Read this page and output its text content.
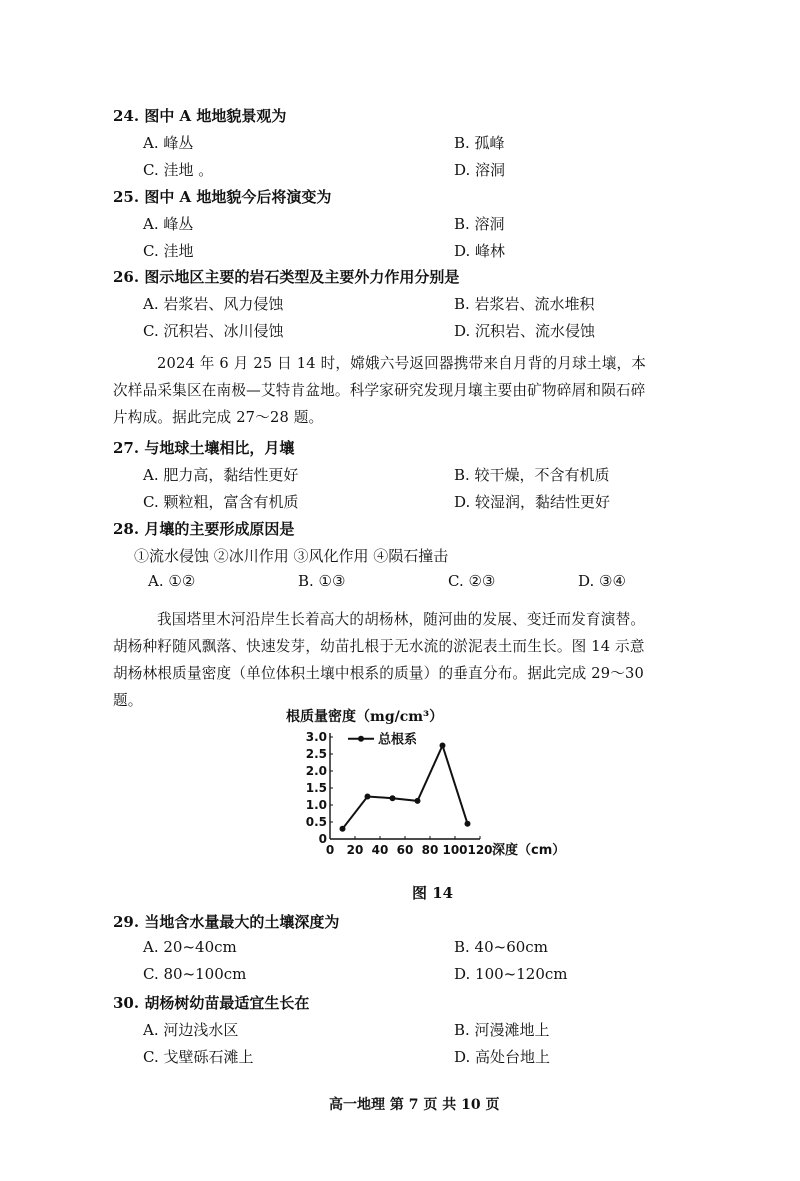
24. 图中 A 地地貌景观为
A. 峰丛	B. 孤峰
C. 洼地 。	D. 溶洞
25. 图中 A 地地貌今后将演变为
A. 峰丛	B. 溶洞
C. 洼地	D. 峰林
26. 图示地区主要的岩石类型及主要外力作用分别是
A. 岩浆岩、风力侵蚀	B. 岩浆岩、流水堆积
C. 沉积岩、冰川侵蚀	D. 沉积岩、流水侵蚀
2024 年 6 月 25 日 14 时，嫦娥六号返回器携带来自月背的月球土壤，本次样品采集区在南极—艾特肯盆地。科学家研究发现月壤主要由矿物碎屑和陨石碎片构成。据此完成 27～28 题。
27. 与地球土壤相比，月壤
A. 肥力高，黏结性更好	B. 较干燥，不含有机质
C. 颗粒粗，富含有机质	D. 较湿润，黏结性更好
28. 月壤的主要形成原因是
①流水侵蚀 ②冰川作用 ③风化作用 ④陨石撞击
A. ①②	B. ①③	C. ②③	D. ③④
我国塔里木河沿岸生长着高大的胡杨林，随河曲的发展、变迁而发育演替。胡杨种籽随风飘落、快速发芽，幼苗扎根于无水流的淤泥表土而生长。图 14 示意胡杨林根质量密度（单位体积土壤中根系的质量）的垂直分布。据此完成 29～30 题。
根质量密度（mg/cm³）
0
0.5
1.0
1.5
2.0
2.5
3.0
0 20 40 60 80 100 120 深度（cm）
总根系
图 14
29. 当地含水量最大的土壤深度为
A. 20~40cm	B. 40~60cm
C. 80~100cm	D. 100~120cm
30. 胡杨树幼苗最适宜生长在
A. 河边浅水区	B. 河漫滩地上
C. 戈壁砾石滩上	D. 高处台地上
高一地理 第 7 页 共 10 页
